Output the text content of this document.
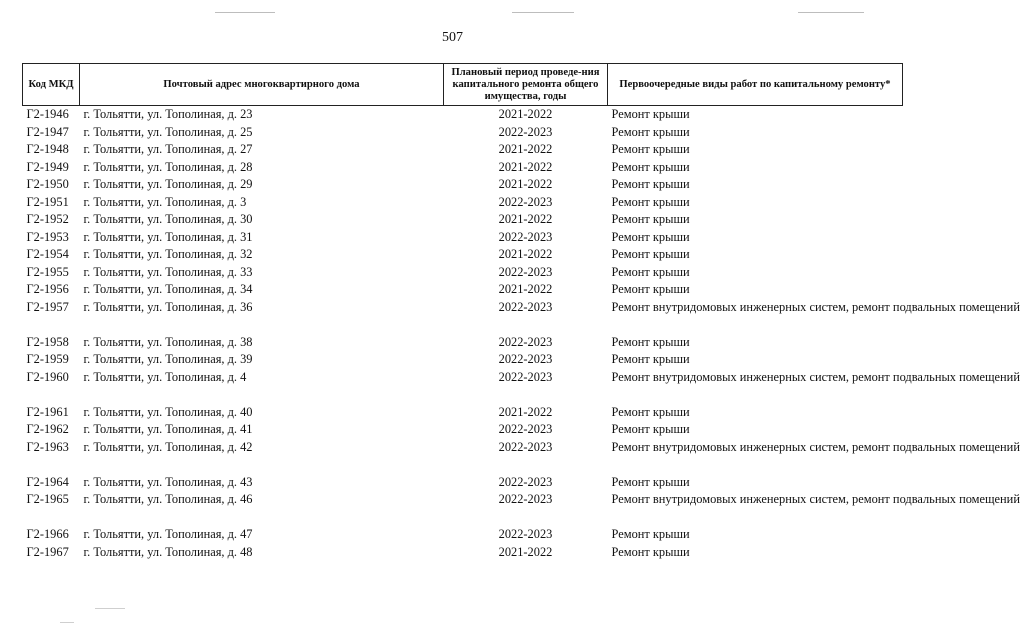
507
Код МКД	Почтовый адрес многоквартирного дома	Плановый период проведе-ния капитального ремонта общего имущества, годы	Первоочередные виды работ по капитальному ремонту*
Г2-1946	г. Тольятти, ул. Тополиная, д. 23	2021-2022	Ремонт крыши
Г2-1947	г. Тольятти, ул. Тополиная, д. 25	2022-2023	Ремонт крыши
Г2-1948	г. Тольятти, ул. Тополиная, д. 27	2021-2022	Ремонт крыши
Г2-1949	г. Тольятти, ул. Тополиная, д. 28	2021-2022	Ремонт крыши
Г2-1950	г. Тольятти, ул. Тополиная, д. 29	2021-2022	Ремонт крыши
Г2-1951	г. Тольятти, ул. Тополиная, д. 3	2022-2023	Ремонт крыши
Г2-1952	г. Тольятти, ул. Тополиная, д. 30	2021-2022	Ремонт крыши
Г2-1953	г. Тольятти, ул. Тополиная, д. 31	2022-2023	Ремонт крыши
Г2-1954	г. Тольятти, ул. Тополиная, д. 32	2021-2022	Ремонт крыши
Г2-1955	г. Тольятти, ул. Тополиная, д. 33	2022-2023	Ремонт крыши
Г2-1956	г. Тольятти, ул. Тополиная, д. 34	2021-2022	Ремонт крыши
Г2-1957	г. Тольятти, ул. Тополиная, д. 36	2022-2023	Ремонт внутридомовых инженерных систем, ремонт подвальных помещений
Г2-1958	г. Тольятти, ул. Тополиная, д. 38	2022-2023	Ремонт крыши
Г2-1959	г. Тольятти, ул. Тополиная, д. 39	2022-2023	Ремонт крыши
Г2-1960	г. Тольятти, ул. Тополиная, д. 4	2022-2023	Ремонт внутридомовых инженерных систем, ремонт подвальных помещений
Г2-1961	г. Тольятти, ул. Тополиная, д. 40	2021-2022	Ремонт крыши
Г2-1962	г. Тольятти, ул. Тополиная, д. 41	2022-2023	Ремонт крыши
Г2-1963	г. Тольятти, ул. Тополиная, д. 42	2022-2023	Ремонт внутридомовых инженерных систем, ремонт подвальных помещений
Г2-1964	г. Тольятти, ул. Тополиная, д. 43	2022-2023	Ремонт крыши
Г2-1965	г. Тольятти, ул. Тополиная, д. 46	2022-2023	Ремонт внутридомовых инженерных систем, ремонт подвальных помещений
Г2-1966	г. Тольятти, ул. Тополиная, д. 47	2022-2023	Ремонт крыши
Г2-1967	г. Тольятти, ул. Тополиная, д. 48	2021-2022	Ремонт крыши
